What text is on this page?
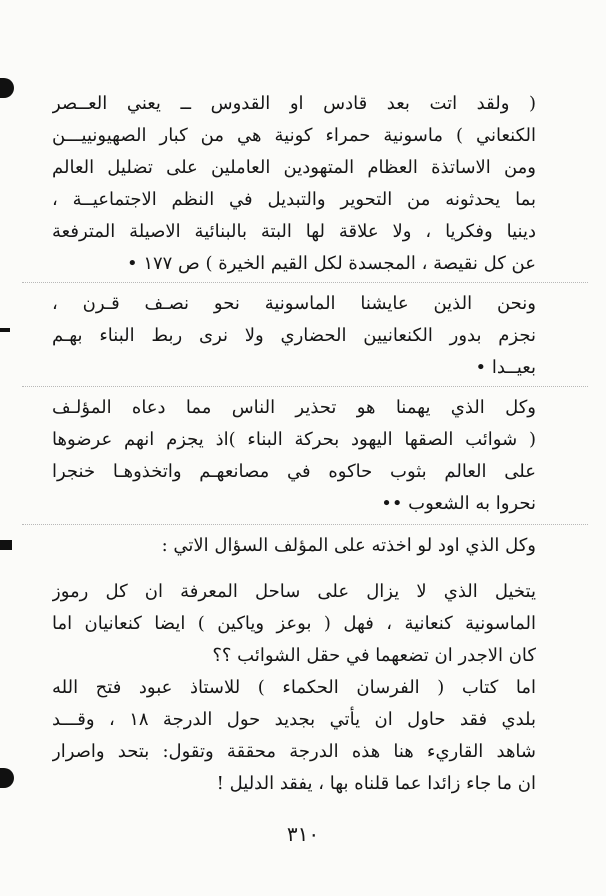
( ولقد اتت بعد قادس او القدوس ــ يعني العــصر
الكنعاني ) ماسونية حمراء كونية هي من كبار الصهيونييـــن
ومن الاساتذة العظام المتهودين العاملين على تضليل العالم
بما يحدثونه من التحوير والتبديل في النظم الاجتماعيــة ،
دينيا وفكريا ، ولا علاقة لها البتة بالبنائية الاصيلة المترفعة
عن كل نقيصة ، المجسدة لكل القيم الخيرة ) ص ١٧٧ •
ونحن الذين عايشنا الماسونية نحو نصـف قـرن ،
نجزم بدور الكنعانيين الحضاري ولا نرى ربط البناء بهـم
بعيــدا •
وكل الذي يهمنا هو تحذير الناس مما دعاه المؤلـف
( شوائب الصقها اليهود بحركة البناء )اذ يجزم انهم عرضوها
على العالم بثوب حاكوه في مصانعهـم واتخذوهـا خنجرا
نحروا به الشعوب ••
وكل الذي اود لو اخذته على المؤلف السؤال الاتي :
يتخيل الذي لا يزال على ساحل المعرفة ان كل رموز
الماسونية كنعانية ، فهل ( بوعز وياكين ) ايضا كنعانيان اما
كان الاجدر ان تضعهما في حقل الشوائب ؟؟
اما كتاب ( الفرسان الحكماء ) للاستاذ عبود فتح الله
بلدي فقد حاول ان يأتي بجديد حول الدرجة ١٨ ، وقـــد
شاهد القاريء هنا هذه الدرجة محققة وتقول: بتحد واصرار
ان ما جاء زائدا عما قلناه بها ، يفقد الدليل !
٣١٠
